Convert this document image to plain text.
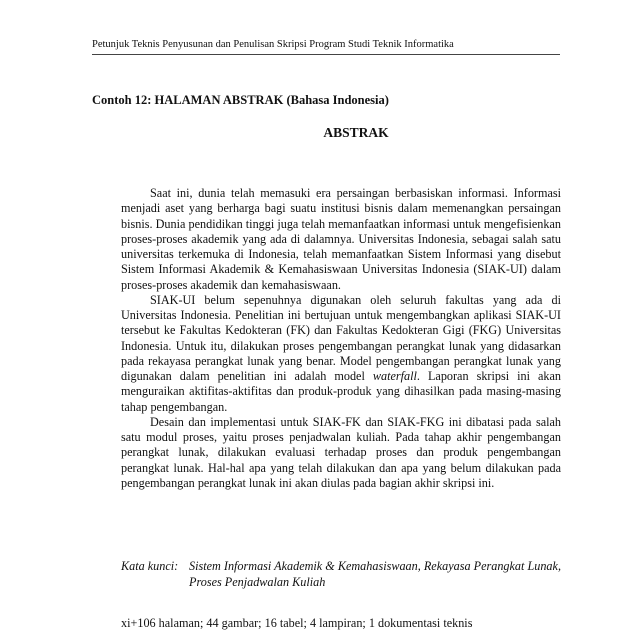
Petunjuk Teknis Penyusunan dan Penulisan Skripsi Program Studi Teknik Informatika
Contoh 12: HALAMAN ABSTRAK (Bahasa Indonesia)
ABSTRAK

Saat ini, dunia telah memasuki era persaingan berbasiskan informasi. Informasi menjadi aset yang berharga bagi suatu institusi bisnis dalam memenangkan persaingan bisnis. Dunia pendidikan tinggi juga telah memanfaatkan informasi untuk mengefisienkan proses-proses akademik yang ada di dalamnya. Universitas Indonesia, sebagai salah satu universitas terkemuka di Indonesia, telah memanfaatkan Sistem Informasi yang disebut Sistem Informasi Akademik & Kemahasiswaan Universitas Indonesia (SIAK-UI) dalam proses-proses akademik dan kemahasiswaan.

SIAK-UI belum sepenuhnya digunakan oleh seluruh fakultas yang ada di Universitas Indonesia. Penelitian ini bertujuan untuk mengembangkan aplikasi SIAK-UI tersebut ke Fakultas Kedokteran (FK) dan Fakultas Kedokteran Gigi (FKG) Universitas Indonesia. Untuk itu, dilakukan proses pengembangan perangkat lunak yang didasarkan pada rekayasa perangkat lunak yang benar. Model pengembangan perangkat lunak yang digunakan dalam penelitian ini adalah model waterfall. Laporan skripsi ini akan menguraikan aktifitas-aktifitas dan produk-produk yang dihasilkan pada masing-masing tahap pengembangan.

Desain dan implementasi untuk SIAK-FK dan SIAK-FKG ini dibatasi pada salah satu modul proses, yaitu proses penjadwalan kuliah. Pada tahap akhir pengembangan perangkat lunak, dilakukan evaluasi terhadap proses dan produk pengembangan perangkat lunak. Hal-hal apa yang telah dilakukan dan apa yang belum dilakukan pada pengembangan perangkat lunak ini akan diulas pada bagian akhir skripsi ini.

Kata kunci: Sistem Informasi Akademik & Kemahasiswaan, Rekayasa Perangkat Lunak, Proses Penjadwalan Kuliah
xi+106 halaman; 44 gambar; 16 tabel; 4 lampiran; 1 dokumentasi teknis
